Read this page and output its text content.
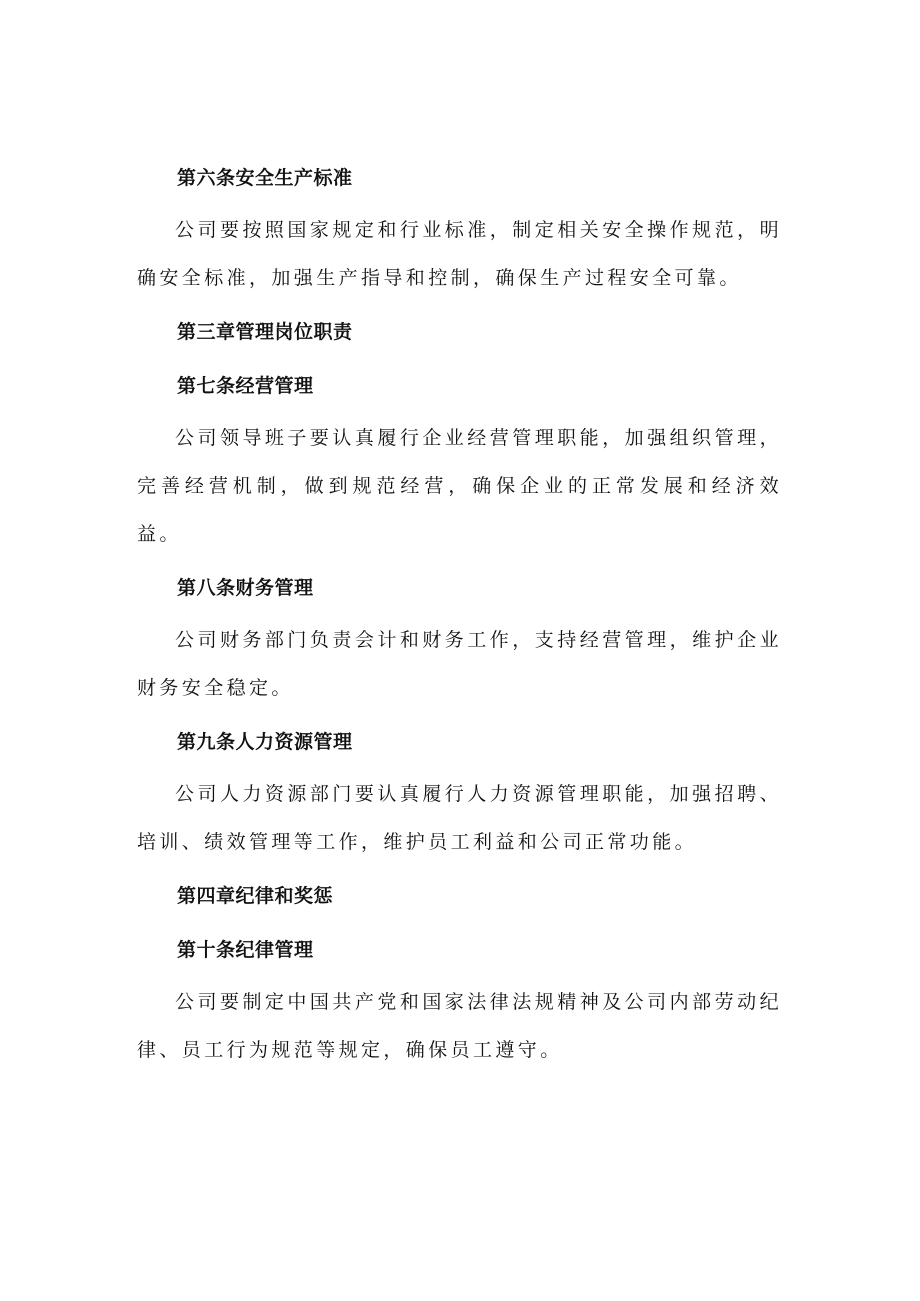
第六条安全生产标准

公司要按照国家规定和行业标准，制定相关安全操作规范，明确安全标准，加强生产指导和控制，确保生产过程安全可靠。

第三章管理岗位职责

第七条经营管理

公司领导班子要认真履行企业经营管理职能，加强组织管理，完善经营机制，做到规范经营，确保企业的正常发展和经济效益。

第八条财务管理

公司财务部门负责会计和财务工作，支持经营管理，维护企业财务安全稳定。

第九条人力资源管理

公司人力资源部门要认真履行人力资源管理职能，加强招聘、培训、绩效管理等工作，维护员工利益和公司正常功能。

第四章纪律和奖惩

第十条纪律管理

公司要制定中国共产党和国家法律法规精神及公司内部劳动纪律、员工行为规范等规定，确保员工遵守。
